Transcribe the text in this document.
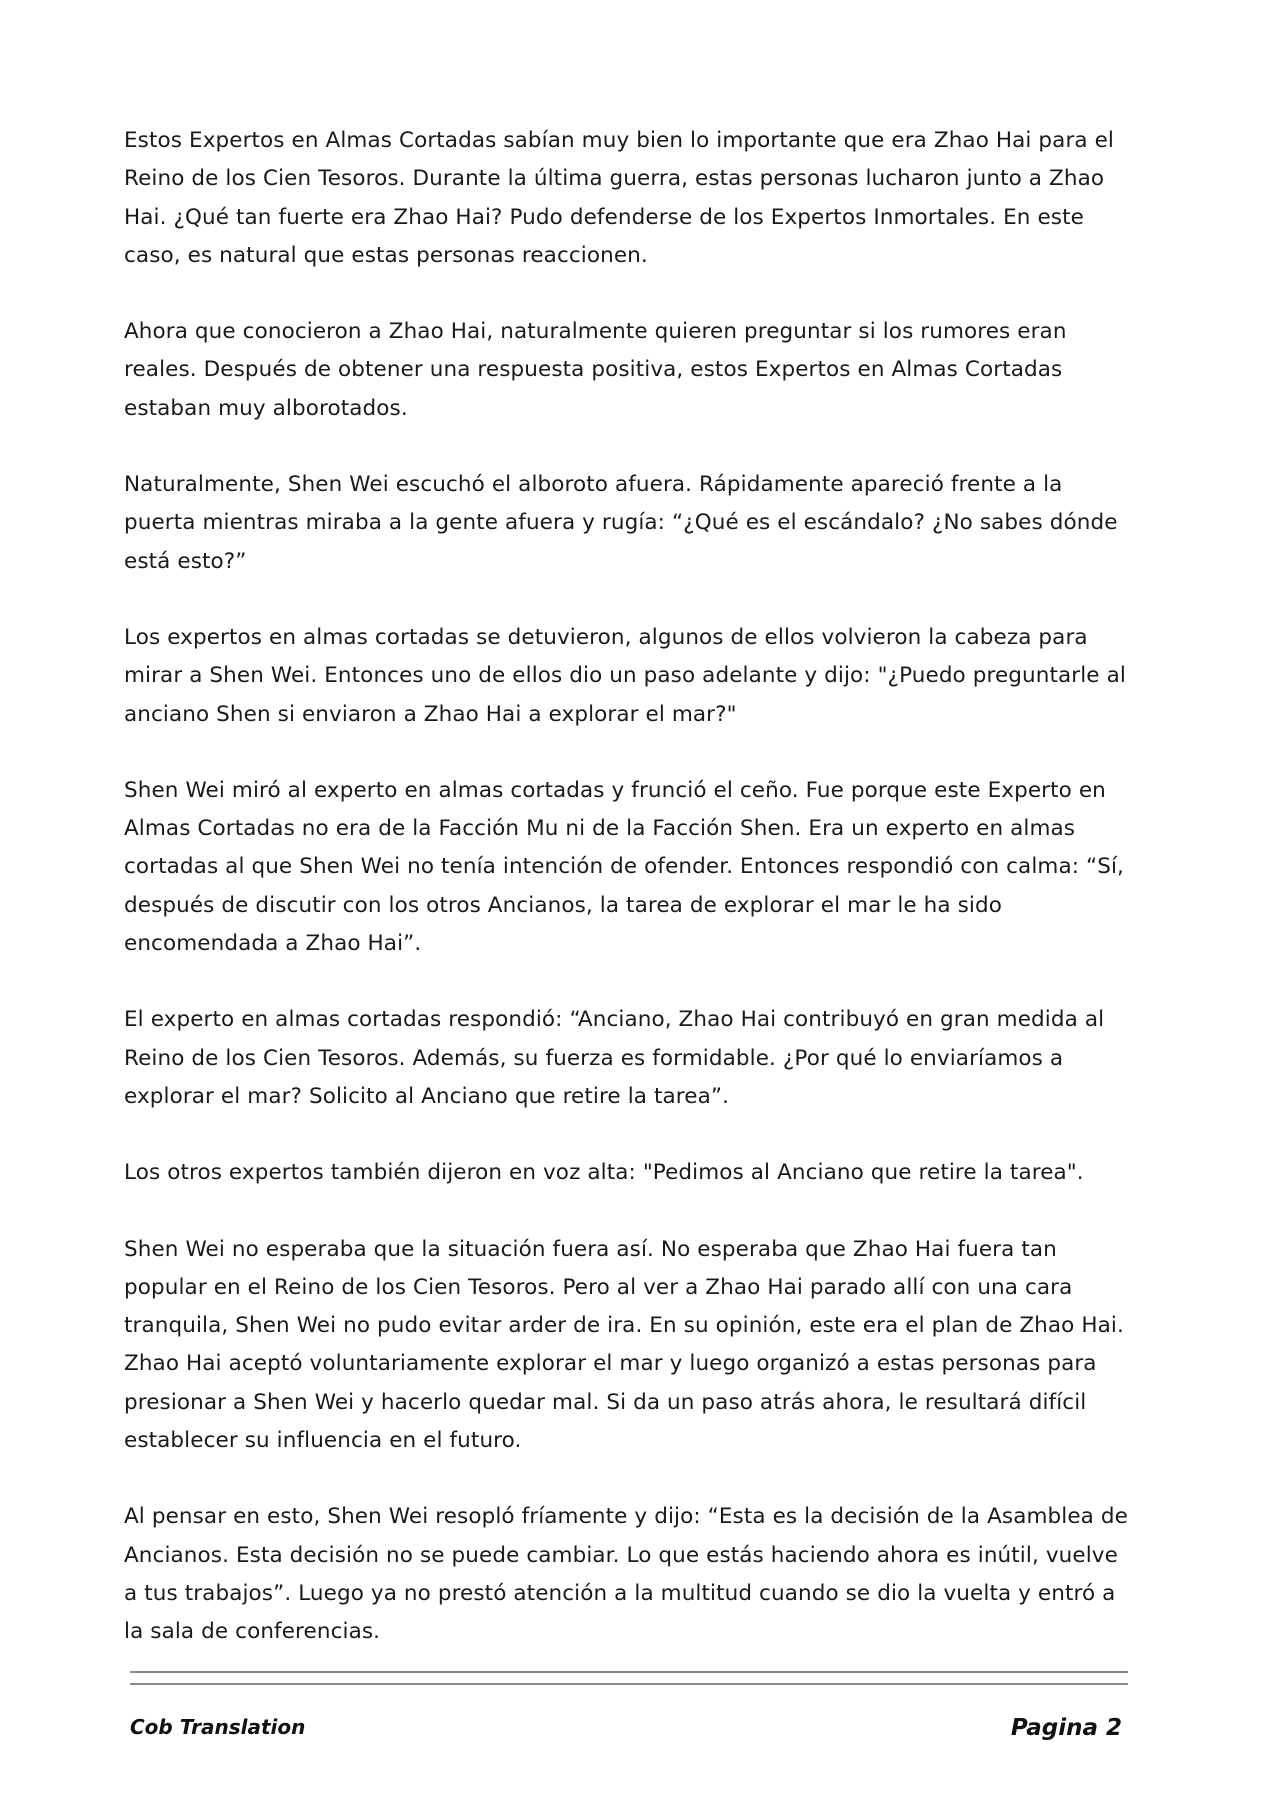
Estos Expertos en Almas Cortadas sabían muy bien lo importante que era Zhao Hai para el Reino de los Cien Tesoros. Durante la última guerra, estas personas lucharon junto a Zhao Hai. ¿Qué tan fuerte era Zhao Hai? Pudo defenderse de los Expertos Inmortales. En este caso, es natural que estas personas reaccionen.

Ahora que conocieron a Zhao Hai, naturalmente quieren preguntar si los rumores eran reales. Después de obtener una respuesta positiva, estos Expertos en Almas Cortadas estaban muy alborotados.

Naturalmente, Shen Wei escuchó el alboroto afuera. Rápidamente apareció frente a la puerta mientras miraba a la gente afuera y rugía: “¿Qué es el escándalo? ¿No sabes dónde está esto?”

Los expertos en almas cortadas se detuvieron, algunos de ellos volvieron la cabeza para mirar a Shen Wei. Entonces uno de ellos dio un paso adelante y dijo: "¿Puedo preguntarle al anciano Shen si enviaron a Zhao Hai a explorar el mar?"

Shen Wei miró al experto en almas cortadas y frunció el ceño. Fue porque este Experto en Almas Cortadas no era de la Facción Mu ni de la Facción Shen. Era un experto en almas cortadas al que Shen Wei no tenía intención de ofender. Entonces respondió con calma: “Sí, después de discutir con los otros Ancianos, la tarea de explorar el mar le ha sido encomendada a Zhao Hai”.

El experto en almas cortadas respondió: “Anciano, Zhao Hai contribuyó en gran medida al Reino de los Cien Tesoros. Además, su fuerza es formidable. ¿Por qué lo enviaríamos a explorar el mar? Solicito al Anciano que retire la tarea”.

Los otros expertos también dijeron en voz alta: "Pedimos al Anciano que retire la tarea".

Shen Wei no esperaba que la situación fuera así. No esperaba que Zhao Hai fuera tan popular en el Reino de los Cien Tesoros. Pero al ver a Zhao Hai parado allí con una cara tranquila, Shen Wei no pudo evitar arder de ira. En su opinión, este era el plan de Zhao Hai. Zhao Hai aceptó voluntariamente explorar el mar y luego organizó a estas personas para presionar a Shen Wei y hacerlo quedar mal. Si da un paso atrás ahora, le resultará difícil establecer su influencia en el futuro.

Al pensar en esto, Shen Wei resopló fríamente y dijo: “Esta es la decisión de la Asamblea de Ancianos. Esta decisión no se puede cambiar. Lo que estás haciendo ahora es inútil, vuelve a tus trabajos”. Luego ya no prestó atención a la multitud cuando se dio la vuelta y entró a la sala de conferencias.

Cob Translation	Pagina 2
